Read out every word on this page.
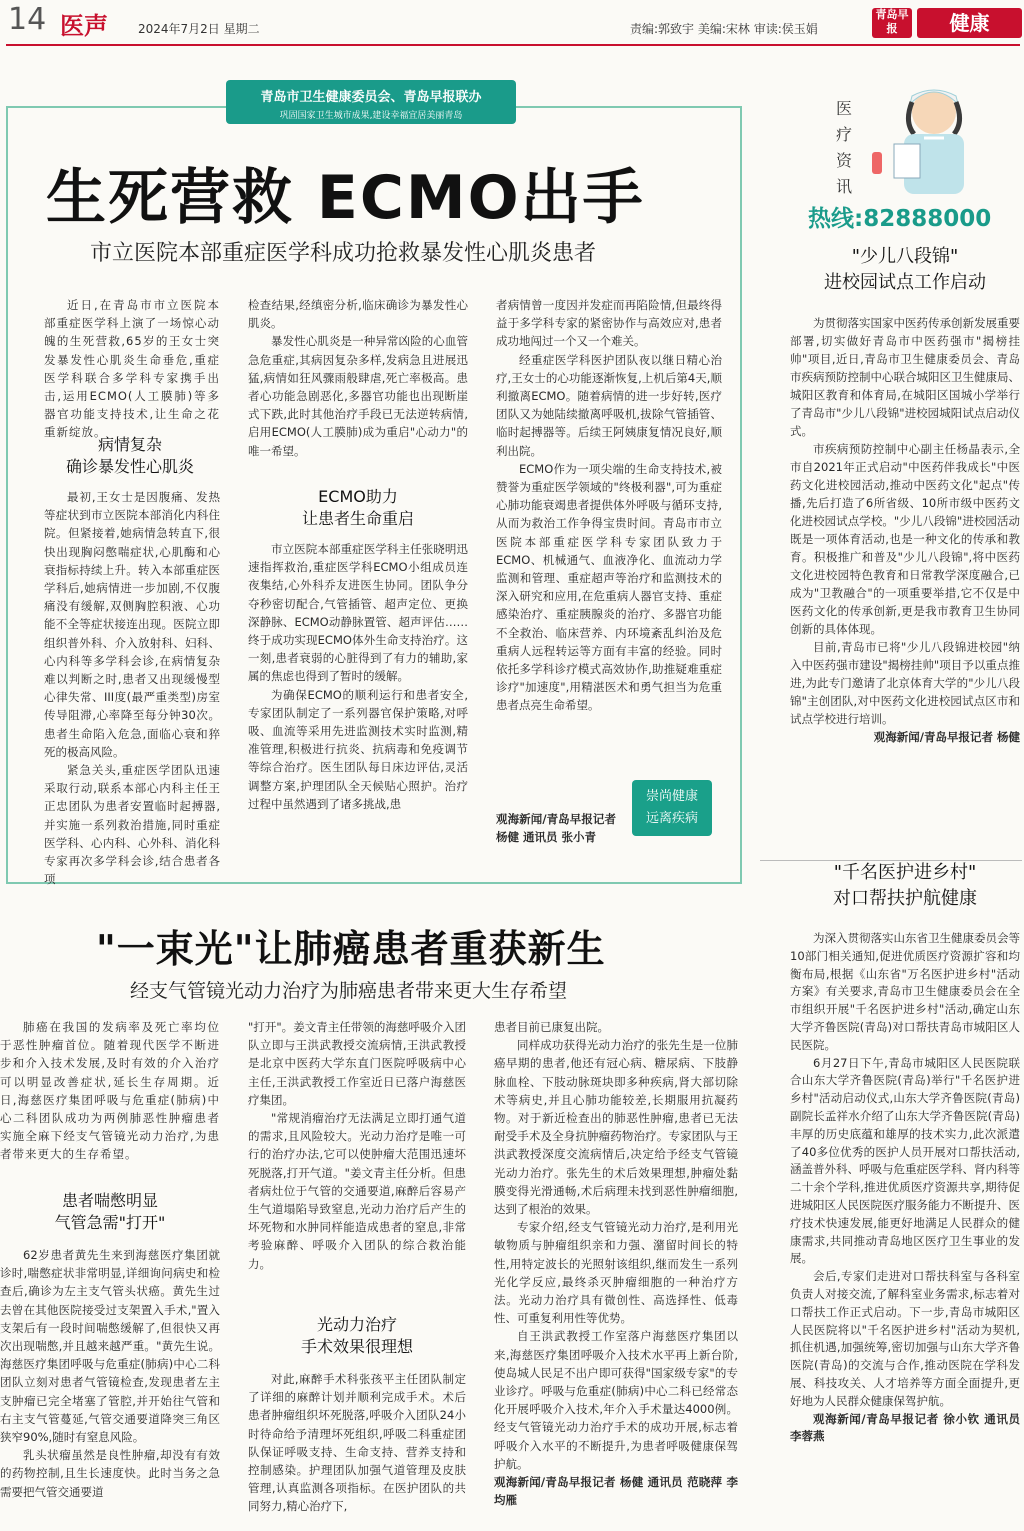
14 医声	2024年7月2日 星期二	责编:郭致宇 美编:宋林 审读:侯玉娟
青岛早报	健康
青岛市卫生健康委员会、青岛早报联办
巩固国家卫生城市成果,建设幸福宜居美丽青岛
生死营救 ECMO出手
市立医院本部重症医学科成功抢救暴发性心肌炎患者

近日,在青岛市市立医院本部重症医学科上演了一场惊心动魄的生死营救,65岁的王女士突发暴发性心肌炎生命垂危,重症医学科联合多学科专家携手出击,运用ECMO(人工膜肺)等多器官功能支持技术,让生命之花重新绽放。

病情复杂
确诊暴发性心肌炎

最初,王女士是因腹痛、发热等症状到市立医院本部消化内科住院。但紧接着,她病情急转直下,很快出现胸闷憋喘症状,心肌酶和心衰指标持续上升。转入本部重症医学科后,她病情进一步加剧,不仅腹痛没有缓解,双侧胸腔积液、心功能不全等症状接连出现。医院立即组织普外科、介入放射科、妇科、心内科等多学科会诊,在病情复杂难以判断之时,患者又出现缓慢型心律失常、III度(最严重类型)房室传导阻滞,心率降至每分钟30次。患者生命陷入危急,面临心衰和猝死的极高风险。

紧急关头,重症医学团队迅速采取行动,联系本部心内科主任王正忠团队为患者安置临时起搏器,并实施一系列救治措施,同时重症医学科、心内科、心外科、消化科专家再次多学科会诊,结合患者各项

检查结果,经缜密分析,临床确诊为暴发性心肌炎。

暴发性心肌炎是一种异常凶险的心血管急危重症,其病因复杂多样,发病急且进展迅猛,病情如狂风骤雨般肆虐,死亡率极高。患者心功能急剧恶化,多器官功能也出现断崖式下跌,此时其他治疗手段已无法逆转病情,启用ECMO(人工膜肺)成为重启"心动力"的唯一希望。

ECMO助力
让患者生命重启

市立医院本部重症医学科主任张晓明迅速指挥救治,重症医学科ECMO小组成员连夜集结,心外科乔友进医生协同。团队争分夺秒密切配合,气管插管、超声定位、更换深静脉、ECMO动静脉置管、超声评估……终于成功实现ECMO体外生命支持治疗。这一刻,患者衰弱的心脏得到了有力的辅助,家属的焦虑也得到了暂时的缓解。

为确保ECMO的顺利运行和患者安全,专家团队制定了一系列器官保护策略,对呼吸、血流等采用先进监测技术实时监测,精准管理,积极进行抗炎、抗病毒和免疫调节等综合治疗。医生团队每日床边评估,灵活调整方案,护理团队全天候贴心照护。治疗过程中虽然遇到了诸多挑战,患

者病情曾一度因并发症而再陷险情,但最终得益于多学科专家的紧密协作与高效应对,患者成功地闯过一个又一个难关。

经重症医学科医护团队夜以继日精心治疗,王女士的心功能逐渐恢复,上机后第4天,顺利撤离ECMO。随着病情的进一步好转,医疗团队又为她陆续撤离呼吸机,拔除气管插管、临时起搏器等。后续王阿姨康复情况良好,顺利出院。

ECMO作为一项尖端的生命支持技术,被赞誉为重症医学领域的"终极利器",可为重症心肺功能衰竭患者提供体外呼吸与循环支持,从而为救治工作争得宝贵时间。青岛市市立医院本部重症医学科专家团队致力于ECMO、机械通气、血液净化、血流动力学监测和管理、重症超声等治疗和监测技术的深入研究和应用,在危重病人器官支持、重症感染治疗、重症胰腺炎的治疗、多器官功能不全救治、临床营养、内环境紊乱纠治及危重病人远程转运等方面有丰富的经验。同时依托多学科诊疗模式高效协作,助推疑难重症诊疗"加速度",用精湛医术和勇气担当为危重患者点亮生命希望。

观海新闻/青岛早报记者 杨健 通讯员 张小青
崇尚健康
远离疾病
医疗资讯
热线:82888000
"少儿八段锦"
进校园试点工作启动

为贯彻落实国家中医药传承创新发展重要部署,切实做好青岛市中医药强市"揭榜挂帅"项目,近日,青岛市卫生健康委员会、青岛市疾病预防控制中心联合城阳区卫生健康局、城阳区教育和体育局,在城阳区国城小学举行了青岛市"少儿八段锦"进校园城阳试点启动仪式。

市疾病预防控制中心副主任杨晶表示,全市自2021年正式启动"中医药伴我成长"中医药文化进校园活动,推动中医药文化"起点"传播,先后打造了6所省级、10所市级中医药文化进校园试点学校。"少儿八段锦"进校园活动既是一项体育活动,也是一种文化的传承和教育。积极推广和普及"少儿八段锦",将中医药文化进校园特色教育和日常教学深度融合,已成为"卫教融合"的一项重要举措,它不仅是中医药文化的传承创新,更是我市教育卫生协同创新的具体体现。

目前,青岛市已将"少儿八段锦进校园"纳入中医药强市建设"揭榜挂帅"项目予以重点推进,为此专门邀请了北京体育大学的"少儿八段锦"主创团队,对中医药文化进校园试点区市和试点学校进行培训。

观海新闻/青岛早报记者 杨健
"千名医护进乡村"
对口帮扶护航健康

为深入贯彻落实山东省卫生健康委员会等10部门相关通知,促进优质医疗资源扩容和均衡布局,根据《山东省"万名医护进乡村"活动方案》有关要求,青岛市卫生健康委员会在全市组织开展"千名医护进乡村"活动,确定山东大学齐鲁医院(青岛)对口帮扶青岛市城阳区人民医院。

6月27日下午,青岛市城阳区人民医院联合山东大学齐鲁医院(青岛)举行"千名医护进乡村"活动启动仪式,山东大学齐鲁医院(青岛)副院长孟祥水介绍了山东大学齐鲁医院(青岛)丰厚的历史底蕴和雄厚的技术实力,此次派遣了40多位优秀的医护人员开展对口帮扶活动,涵盖普外科、呼吸与危重症医学科、肾内科等二十余个学科,推进优质医疗资源共享,期待促进城阳区人民医院医疗服务能力不断提升、医疗技术快速发展,能更好地满足人民群众的健康需求,共同推动青岛地区医疗卫生事业的发展。

会后,专家们走进对口帮扶科室与各科室负责人对接交流,了解科室业务需求,标志着对口帮扶工作正式启动。下一步,青岛市城阳区人民医院将以"千名医护进乡村"活动为契机,抓住机遇,加强统筹,密切加强与山东大学齐鲁医院(青岛)的交流与合作,推动医院在学科发展、科技攻关、人才培养等方面全面提升,更好地为人民群众健康保驾护航。

观海新闻/青岛早报记者 徐小钦 通讯员 李蓉燕
"一束光"让肺癌患者重获新生
经支气管镜光动力治疗为肺癌患者带来更大生存希望

肺癌在我国的发病率及死亡率均位于恶性肿瘤首位。随着现代医学不断进步和介入技术发展,及时有效的介入治疗可以明显改善症状,延长生存周期。近日,海慈医疗集团呼吸与危重症(肺病)中心二科团队成功为两例肺恶性肿瘤患者实施全麻下经支气管镜光动力治疗,为患者带来更大的生存希望。

患者喘憋明显
气管急需"打开"

62岁患者黄先生来到海慈医疗集团就诊时,喘憋症状非常明显,详细询问病史和检查后,确诊为左主支气管头状癌。黄先生过去曾在其他医院接受过支架置入手术,"置入支架后有一段时间喘憋缓解了,但很快又再次出现喘憋,并且越来越严重。"黄先生说。海慈医疗集团呼吸与危重症(肺病)中心二科团队立刻对患者气管镜检查,发现患者左主支肿瘤已完全堵塞了管腔,并开始往气管和右主支气管蔓延,气管交通要道降突三角区狭窄90%,随时有窒息风险。

乳头状瘤虽然是良性肿瘤,却没有有效的药物控制,且生长速度快。此时当务之急需要把气管交通要道

"打开"。姜文青主任带领的海慈呼吸介入团队立即与王洪武教授交流病情,王洪武教授是北京中医药大学东直门医院呼吸病中心主任,王洪武教授工作室近日已落户海慈医疗集团。

"常规消瘤治疗无法满足立即打通气道的需求,且风险较大。光动力治疗是唯一可行的治疗办法,它可以使肿瘤大范围迅速坏死脱落,打开气道。"姜文青主任分析。但患者病灶位于气管的交通要道,麻醉后容易产生气道塌陷导致窒息,光动力治疗后产生的坏死物和水肿同样能造成患者的窒息,非常考验麻醉、呼吸介入团队的综合救治能力。

光动力治疗
手术效果很理想

对此,麻醉手术科张孩平主任团队制定了详细的麻醉计划并顺利完成手术。术后患者肿瘤组织坏死脱落,呼吸介入团队24小时待命给予清理坏死组织,呼吸二科重症团队保证呼吸支持、生命支持、营养支持和控制感染。护理团队加强气道管理及皮肤管理,认真监测各项指标。在医护团队的共同努力,精心治疗下,

患者目前已康复出院。

同样成功获得光动力治疗的张先生是一位肺癌早期的患者,他还有冠心病、糖尿病、下肢静脉血栓、下肢动脉斑块即多种疾病,肾大部切除术等病史,并且心肺功能较差,长期服用抗凝药物。对于新近检查出的肺恶性肿瘤,患者已无法耐受手术及全身抗肿瘤药物治疗。专家团队与王洪武教授深度交流病情后,决定给予经支气管镜光动力治疗。张先生的术后效果理想,肿瘤处黏膜变得光滑通畅,术后病理未找到恶性肿瘤细胞,达到了根治的效果。

专家介绍,经支气管镜光动力治疗,是利用光敏物质与肿瘤组织亲和力强、潴留时间长的特性,用特定波长的光照射该组织,继而发生一系列光化学反应,最终杀灭肿瘤细胞的一种治疗方法。光动力治疗具有微创性、高选择性、低毒性、可重复利用性等优势。

自王洪武教授工作室落户海慈医疗集团以来,海慈医疗集团呼吸介入技术水平再上新台阶,使岛城人民足不出户即可获得"国家级专家"的专业诊疗。呼吸与危重症(肺病)中心二科已经常态化开展呼吸介入技术,年介入手术量达4000例。经支气管镜光动力治疗手术的成功开展,标志着呼吸介入水平的不断提升,为患者呼吸健康保驾护航。

观海新闻/青岛早报记者 杨健 通讯员 范晓萍 李均雁
